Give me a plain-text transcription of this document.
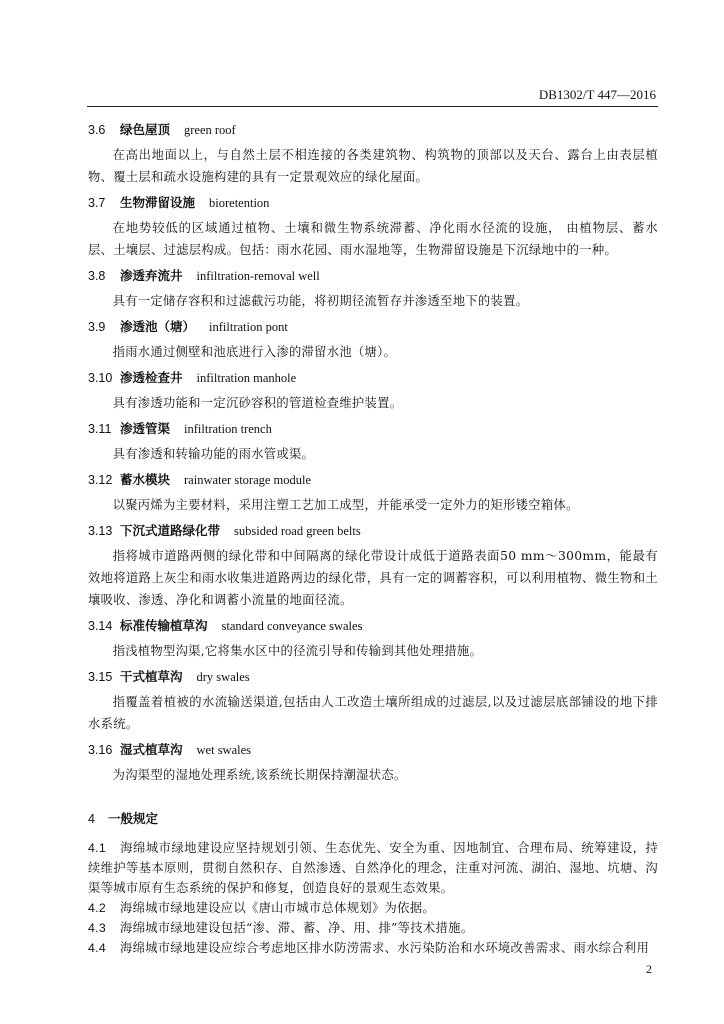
DB1302/T 447—2016
3.6 绿色屋顶 green roof

在高出地面以上，与自然土层不相连接的各类建筑物、构筑物的顶部以及天台、露台上由表层植物、覆土层和疏水设施构建的具有一定景观效应的绿化屋面。

3.7 生物滞留设施 bioretention

在地势较低的区域通过植物、土壤和微生物系统滞蓄、净化雨水径流的设施， 由植物层、蓄水层、土壤层、过滤层构成。包括：雨水花园、雨水湿地等，生物滞留设施是下沉绿地中的一种。

3.8 渗透弃流井 infiltration-removal well

具有一定储存容积和过滤截污功能，将初期径流暂存并渗透至地下的装置。

3.9 渗透池（塘） infiltration pont

指雨水通过侧壁和池底进行入渗的滞留水池（塘）。

3.10 渗透检查井 infiltration manhole

具有渗透功能和一定沉砂容积的管道检查维护装置。

3.11 渗透管渠 infiltration trench

具有渗透和转输功能的雨水管或渠。

3.12 蓄水模块 rainwater storage module

以聚丙烯为主要材料，采用注塑工艺加工成型，并能承受一定外力的矩形镂空箱体。

3.13 下沉式道路绿化带 subsided road green belts

指将城市道路两侧的绿化带和中间隔离的绿化带设计成低于道路表面50 mm～300mm，能最有效地将道路上灰尘和雨水收集进道路两边的绿化带，具有一定的调蓄容积，可以利用植物、微生物和土壤吸收、渗透、净化和调蓄小流量的地面径流。

3.14 标准传输植草沟 standard conveyance swales

指浅植物型沟渠,它将集水区中的径流引导和传输到其他处理措施。

3.15 干式植草沟 dry swales

指覆盖着植被的水流输送渠道,包括由人工改造土壤所组成的过滤层,以及过滤层底部铺设的地下排水系统。

3.16 湿式植草沟 wet swales

为沟渠型的湿地处理系统,该系统长期保持潮湿状态。

4 一般规定

4.1 海绵城市绿地建设应坚持规划引领、生态优先、安全为重、因地制宜、合理布局、统筹建设，持续维护等基本原则，贯彻自然积存、自然渗透、自然净化的理念，注重对河流、湖泊、湿地、坑塘、沟渠等城市原有生态系统的保护和修复，创造良好的景观生态效果。

4.2 海绵城市绿地建设应以《唐山市城市总体规划》为依据。

4.3 海绵城市绿地建设包括“渗、滞、蓄、净、用、排”等技术措施。

4.4 海绵城市绿地建设应综合考虑地区排水防涝需求、水污染防治和水环境改善需求、雨水综合利用

2
